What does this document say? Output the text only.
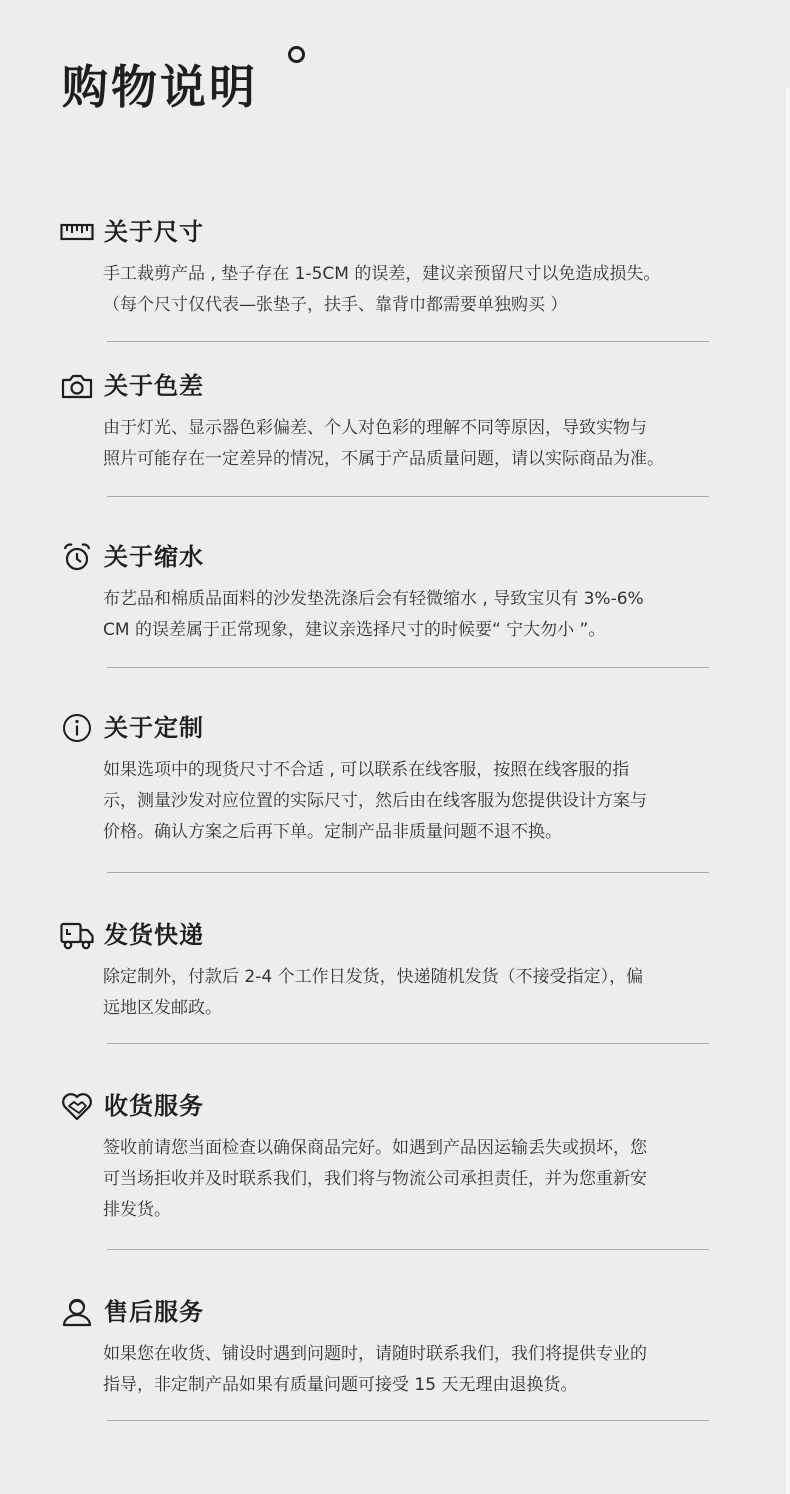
购物说明
关于尺寸

手工裁剪产品 , 垫子存在 1-5CM 的误差，建议亲预留尺寸以免造成损失。

（每个尺寸仅代表—张垫子，扶手、靠背巾都需要单独购买 ）

关于色差

由于灯光、显示器色彩偏差、个人对色彩的理解不同等原因，导致实物与

照片可能存在一定差异的情况，不属于产品质量问题，请以实际商品为准。

关于缩水

布艺品和棉质品面料的沙发垫洗涤后会有轻微缩水 , 导致宝贝有 3%-6%

CM 的误差属于正常现象，建议亲选择尺寸的时候要“ 宁大勿小 ”。

关于定制

如果选项中的现货尺寸不合适 , 可以联系在线客服，按照在线客服的指

示，测量沙发对应位置的实际尺寸，然后由在线客服为您提供设计方案与

价格。确认方案之后再下单。定制产品非质量问题不退不换。

发货快递

除定制外，付款后 2-4 个工作日发货，快递随机发货（不接受指定），偏

远地区发邮政。

收货服务

签收前请您当面检查以确保商品完好。如遇到产品因运输丢失或损坏，您

可当场拒收并及时联系我们，我们将与物流公司承担责任，并为您重新安

排发货。

售后服务

如果您在收货、铺设时遇到问题时，请随时联系我们，我们将提供专业的

指导，非定制产品如果有质量问题可接受 15 天无理由退换货。
